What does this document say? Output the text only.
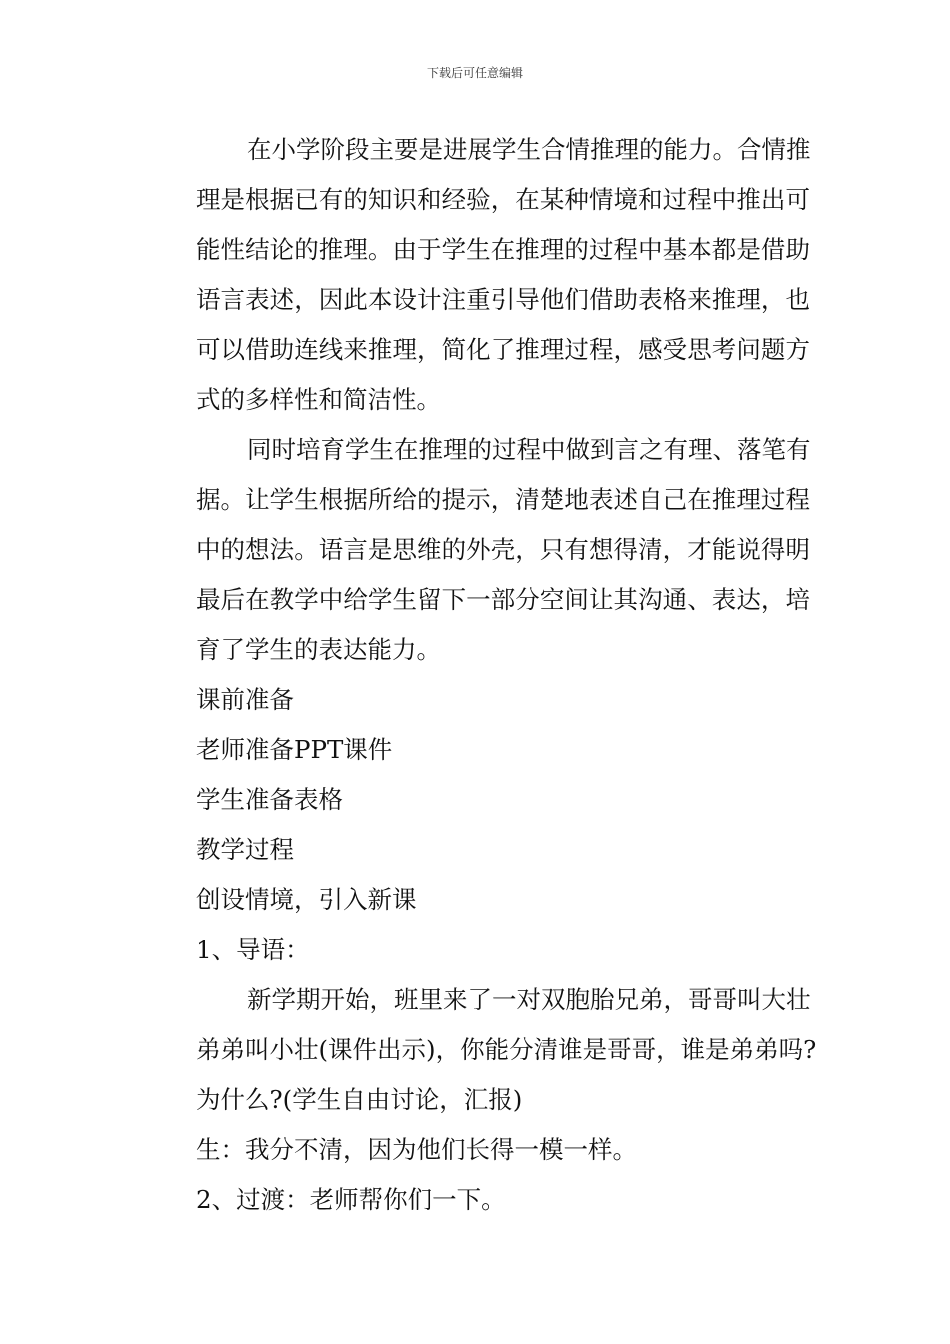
下载后可任意编辑
在小学阶段主要是进展学生合情推理的能力。合情推
理是根据已有的知识和经验，在某种情境和过程中推出可
能性结论的推理。由于学生在推理的过程中基本都是借助
语言表述，因此本设计注重引导他们借助表格来推理，也
可以借助连线来推理，简化了推理过程，感受思考问题方
式的多样性和简洁性。
同时培育学生在推理的过程中做到言之有理、落笔有
据。让学生根据所给的提示，清楚地表述自己在推理过程
中的想法。语言是思维的外壳，只有想得清，才能说得明
最后在教学中给学生留下一部分空间让其沟通、表达，培
育了学生的表达能力。

课前准备

老师准备PPT课件

学生准备表格

教学过程

创设情境，引入新课

1、导语：

新学期开始，班里来了一对双胞胎兄弟，哥哥叫大壮
弟弟叫小壮(课件出示)，你能分清谁是哥哥，谁是弟弟吗?
为什么?(学生自由讨论，汇报)

生：我分不清，因为他们长得一模一样。

2、过渡：老师帮你们一下。
